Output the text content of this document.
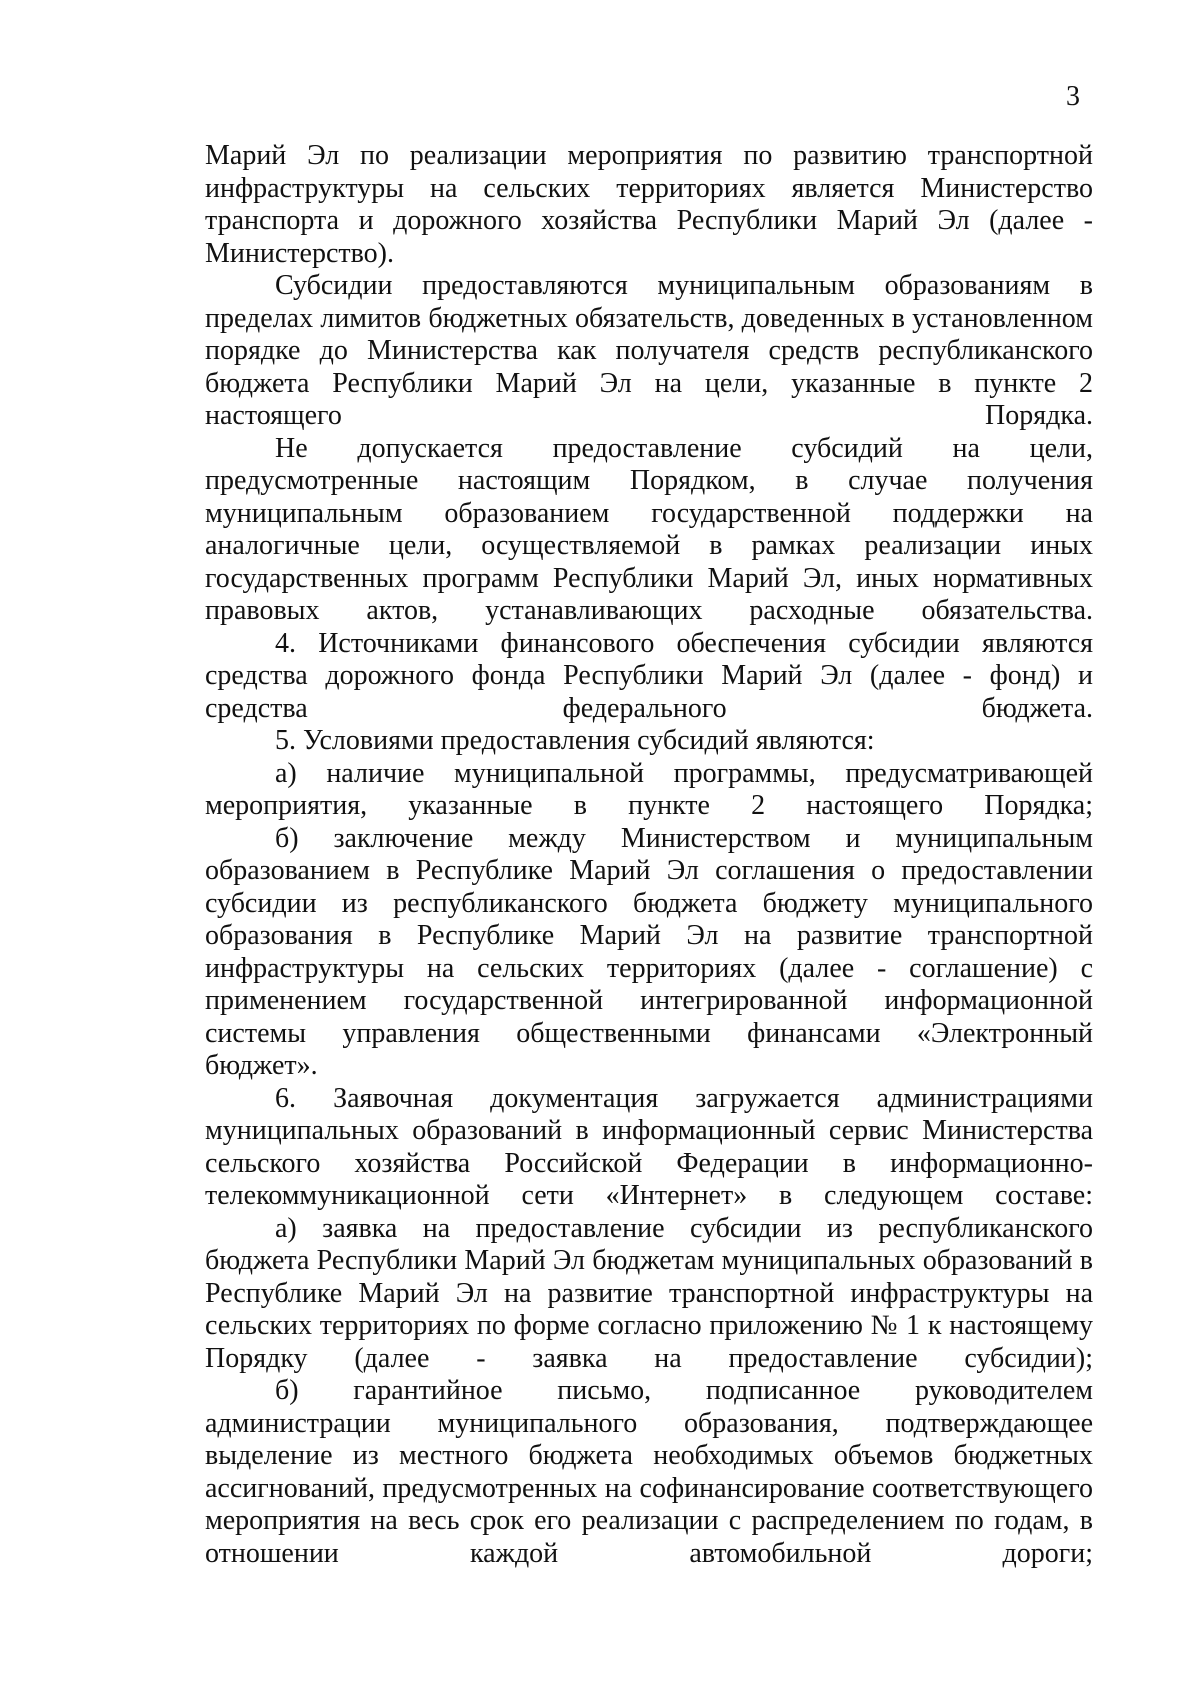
3

Марий Эл по реализации мероприятия по развитию транспортной инфраструктуры на сельских территориях является Министерство транспорта и дорожного хозяйства Республики Марий Эл (далее - Министерство).

Субсидии предоставляются муниципальным образованиям в пределах лимитов бюджетных обязательств, доведенных в установленном порядке до Министерства как получателя средств республиканского бюджета Республики Марий Эл на цели, указанные в пункте 2 настоящего Порядка.

Не допускается предоставление субсидий на цели, предусмотренные настоящим Порядком, в случае получения муниципальным образованием государственной поддержки на аналогичные цели, осуществляемой в рамках реализации иных государственных программ Республики Марий Эл, иных нормативных правовых актов, устанавливающих расходные обязательства.

4. Источниками финансового обеспечения субсидии являются средства дорожного фонда Республики Марий Эл (далее - фонд) и средства федерального бюджета.

5. Условиями предоставления субсидий являются:

а) наличие муниципальной программы, предусматривающей мероприятия, указанные в пункте 2 настоящего Порядка;

б) заключение между Министерством и муниципальным образованием в Республике Марий Эл соглашения о предоставлении субсидии из республиканского бюджета бюджету муниципального образования в Республике Марий Эл на развитие транспортной инфраструктуры на сельских территориях (далее - соглашение) с применением государственной интегрированной информационной системы управления общественными финансами «Электронный бюджет».

6. Заявочная документация загружается администрациями муниципальных образований в информационный сервис Министерства сельского хозяйства Российской Федерации в информационно-телекоммуникационной сети «Интернет» в следующем составе:

а) заявка на предоставление субсидии из республиканского бюджета Республики Марий Эл бюджетам муниципальных образований в Республике Марий Эл на развитие транспортной инфраструктуры на сельских территориях по форме согласно приложению № 1 к настоящему Порядку (далее - заявка на предоставление субсидии);

б) гарантийное письмо, подписанное руководителем администрации муниципального образования, подтверждающее выделение из местного бюджета необходимых объемов бюджетных ассигнований, предусмотренных на софинансирование соответствующего мероприятия на весь срок его реализации с распределением по годам, в отношении каждой автомобильной дороги;
